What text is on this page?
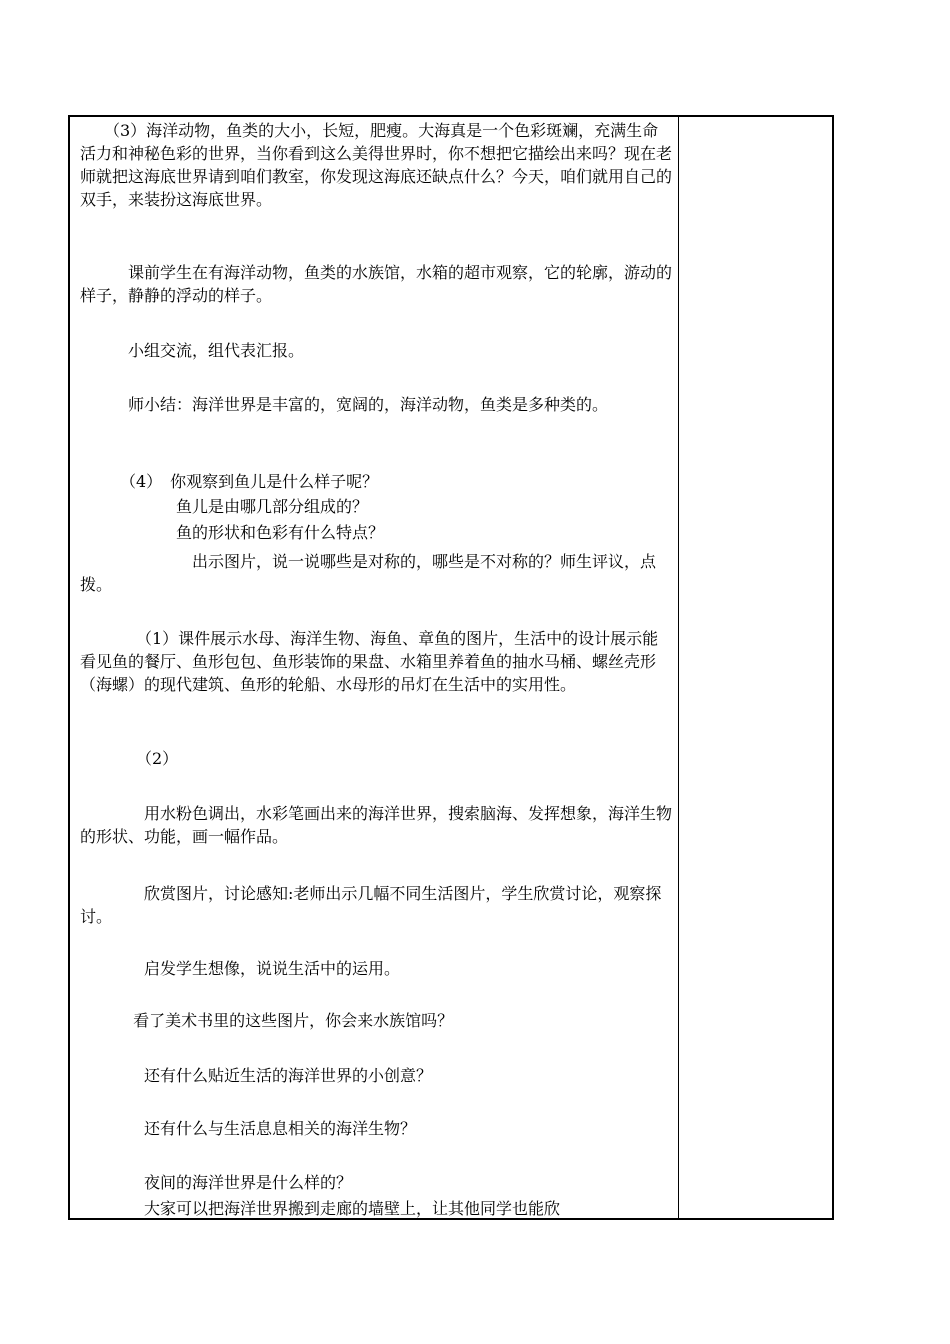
　　（3）海洋动物，鱼类的大小，长短，肥瘦。大海真是一个色彩斑斓，充满生命活力和神秘色彩的世界，当你看到这么美得世界时，你不想把它描绘出来吗？现在老师就把这海底世界请到咱们教室，你发现这海底还缺点什么？今天，咱们就用自己的双手，来装扮这海底世界。

　　　课前学生在有海洋动物，鱼类的水族馆，水箱的超市观察，它的轮廓，游动的样子，静静的浮动的样子。

　　　小组交流，组代表汇报。

　　　师小结：海洋世界是丰富的，宽阔的，海洋动物，鱼类是多种类的。

　　　（4）　你观察到鱼儿是什么样子呢？

　　　　　　鱼儿是由哪几部分组成的？

　　　　　　鱼的形状和色彩有什么特点？

　　　　　　　出示图片，说一说哪些是对称的，哪些是不对称的？师生评议，点拨。

　　　　（1）课件展示水母、海洋生物、海鱼、章鱼的图片，生活中的设计展示能看见鱼的餐厅、鱼形包包、鱼形装饰的果盘、水箱里养着鱼的抽水马桶、螺丝壳形（海螺）的现代建筑、鱼形的轮船、水母形的吊灯在生活中的实用性。

　　　　（2）

　　　　用水粉色调出，水彩笔画出来的海洋世界，搜索脑海、发挥想象，海洋生物的形状、功能，画一幅作品。

　　　　欣赏图片，讨论感知:老师出示几幅不同生活图片，学生欣赏讨论，观察探讨。

　　　　启发学生想像，说说生活中的运用。

　　　 看了美术书里的这些图片，你会来水族馆吗？

　　　　还有什么贴近生活的海洋世界的小创意？

　　　　还有什么与生活息息相关的海洋生物？

　　　　夜间的海洋世界是什么样的？

　　　　大家可以把海洋世界搬到走廊的墙壁上，让其他同学也能欣
